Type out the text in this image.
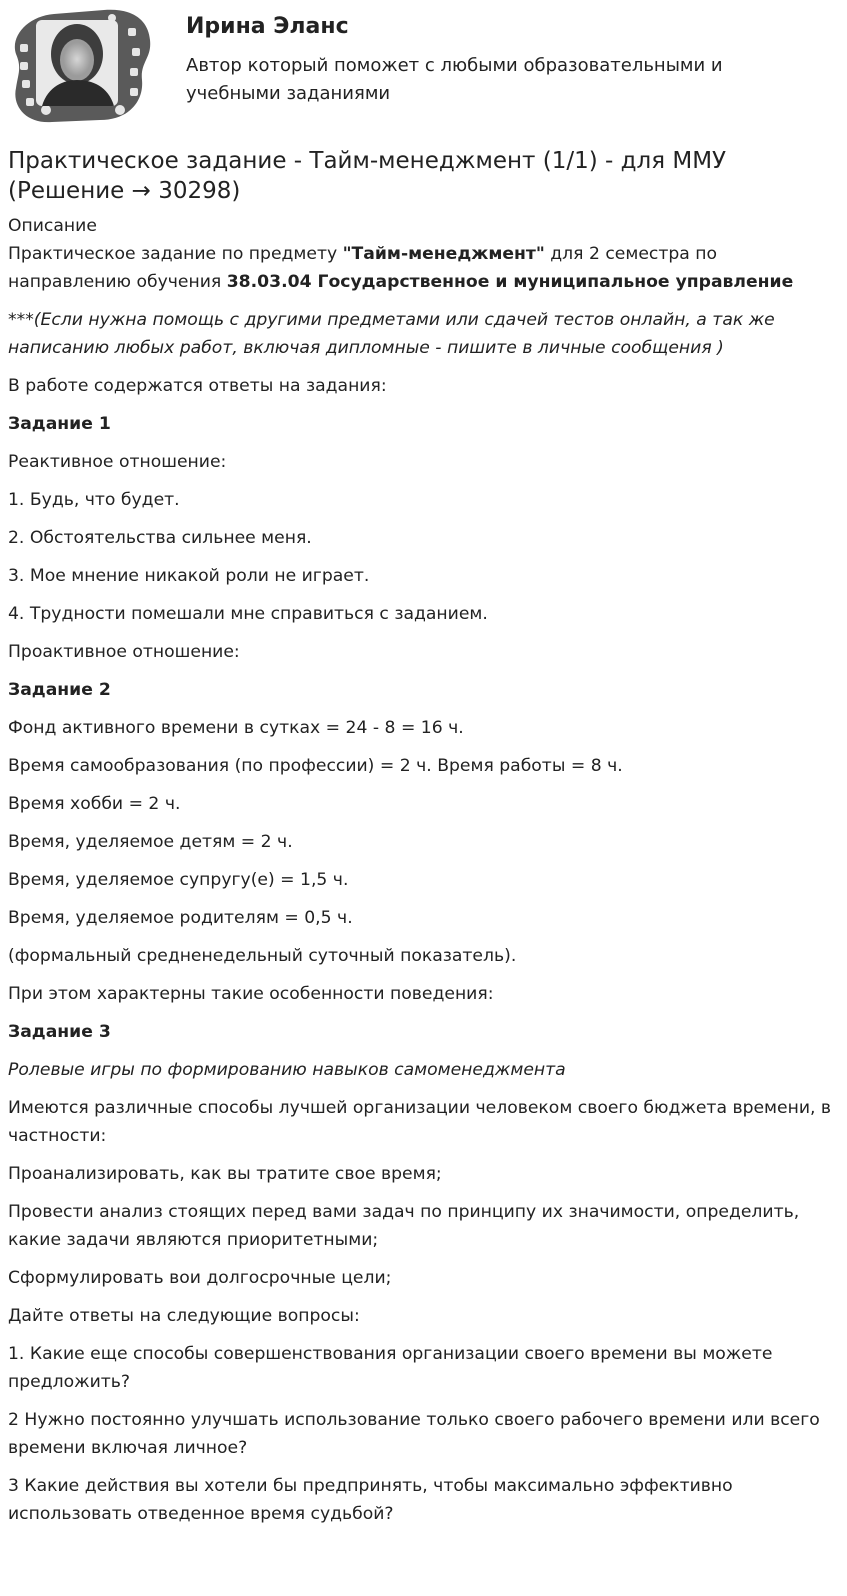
Ирина Эланс
Автор который поможет с любыми образовательными и учебными заданиями
Практическое задание - Тайм-менеджмент (1/1) - для ММУ (Решение → 30298)

Описание

Практическое задание по предмету "Тайм-менеджмент" для 2 семестра по направлению обучения 38.03.04 Государственное и муниципальное управление

***(Если нужна помощь с другими предметами или сдачей тестов онлайн, а так же написанию любых работ, включая дипломные - пишите в личные сообщения )

В работе содержатся ответы на задания:

Задание 1

Реактивное отношение:

1. Будь, что будет.

2. Обстоятельства сильнее меня.

3. Мое мнение никакой роли не играет.

4. Трудности помешали мне справиться с заданием.

Проактивное отношение:

Задание 2

Фонд активного времени в сутках = 24 - 8 = 16 ч.

Время самообразования (по профессии) = 2 ч. Время работы = 8 ч.

Время хобби = 2 ч.

Время, уделяемое детям = 2 ч.

Время, уделяемое супругу(е) = 1,5 ч.

Время, уделяемое родителям = 0,5 ч.

(формальный средненедельный суточный показатель).

При этом характерны такие особенности поведения:

Задание 3

Ролевые игры по формированию навыков самоменеджмента

Имеются различные способы лучшей организации человеком своего бюджета времени, в частности:

Проанализировать, как вы тратите свое время;

Провести анализ стоящих перед вами задач по принципу их значимости, определить, какие задачи являются приоритетными;

Сформулировать вои долгосрочные цели;

Дайте ответы на следующие вопросы:

1. Какие еще способы совершенствования организации своего времени вы можете предложить?

2 Нужно постоянно улучшать использование только своего рабочего времени или всего времени включая личное?

3 Какие действия вы хотели бы предпринять, чтобы максимально эффективно использовать отведенное время судьбой?
